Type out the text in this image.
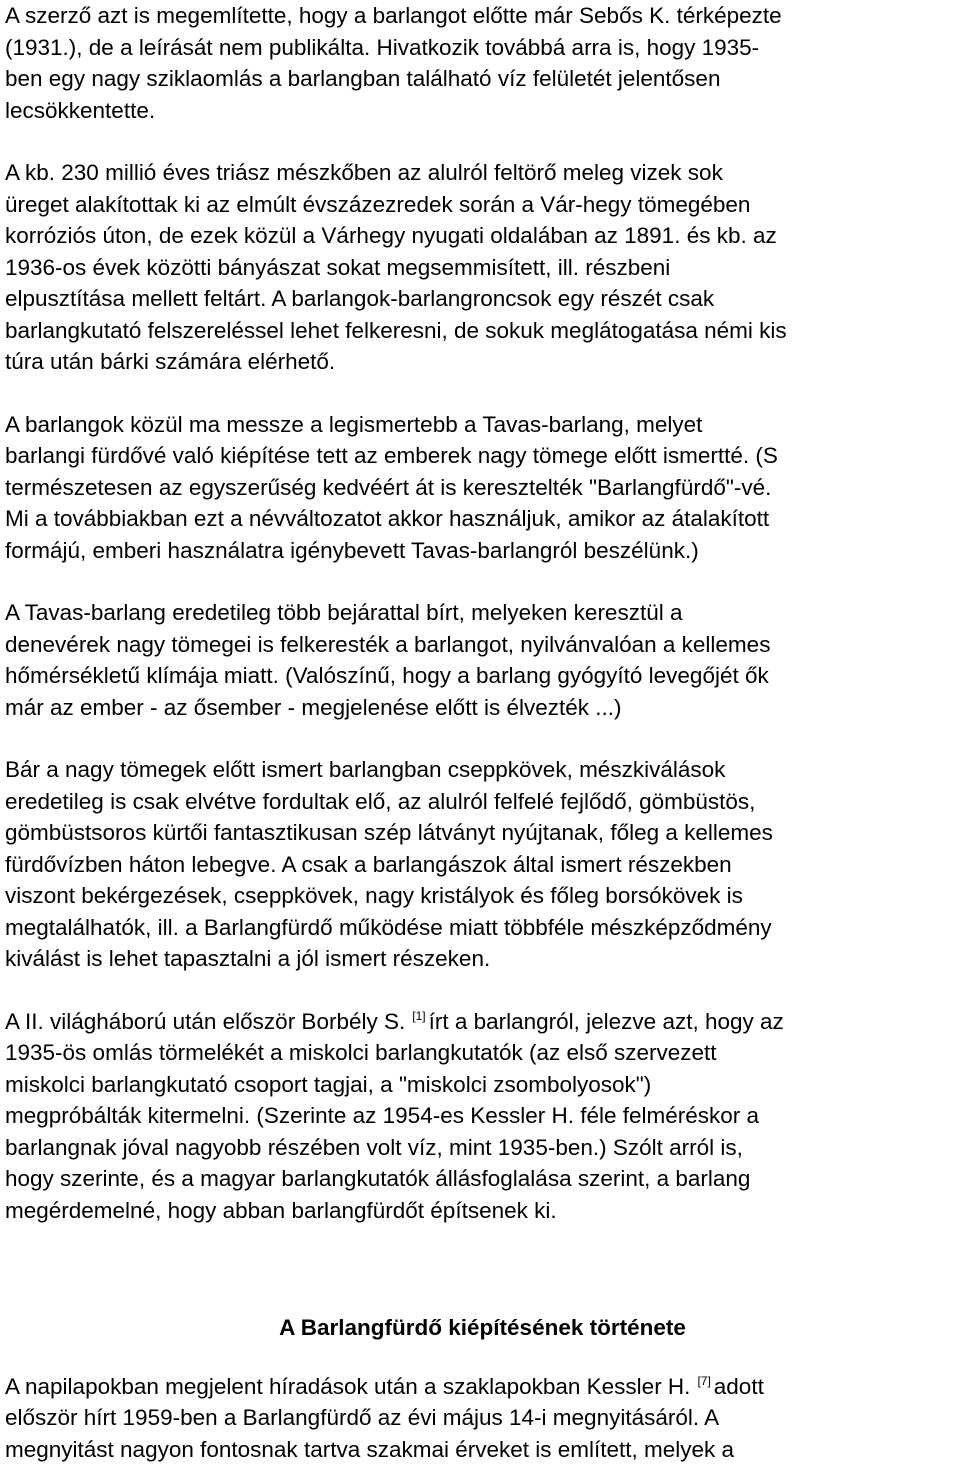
A szerző azt is megemlítette, hogy a barlangot előtte már Sebős K. térképezte
(1931.), de a leírását nem publikálta. Hivatkozik továbbá arra is, hogy 1935-
ben egy nagy sziklaomlás a barlangban található víz felületét jelentősen
lecsökkentette.
A kb. 230 millió éves triász mészkőben az alulról feltörő meleg vizek sok
üreget alakítottak ki az elmúlt évszázezredek során a Vár-hegy tömegében
korróziós úton, de ezek közül a Várhegy nyugati oldalában az 1891. és kb. az
1936-os évek közötti bányászat sokat megsemmisített, ill. részbeni
elpusztítása mellett feltárt. A barlangok-barlangroncsok egy részét csak
barlangkutató felszereléssel lehet felkeresni, de sokuk meglátogatása némi kis
túra után bárki számára elérhető.
A barlangok közül ma messze a legismertebb a Tavas-barlang, melyet
barlangi fürdővé való kiépítése tett az emberek nagy tömege előtt ismertté. (S
természetesen az egyszerűség kedvéért át is keresztelték "Barlangfürdő"-vé.
Mi a továbbiakban ezt a névváltozatot akkor használjuk, amikor az átalakított
formájú, emberi használatra igénybevett Tavas-barlangról beszélünk.)
A Tavas-barlang eredetileg több bejárattal bírt, melyeken keresztül a
denevérek nagy tömegei is felkeresték a barlangot, nyilvánvalóan a kellemes
hőmérsékletű klímája miatt. (Valószínű, hogy a barlang gyógyító levegőjét ők
már az ember - az ősember - megjelenése előtt is élvezték ...)
Bár a nagy tömegek előtt ismert barlangban cseppkövek, mészkiválások
eredetileg is csak elvétve fordultak elő, az alulról felfelé fejlődő, gömbüstös,
gömbüstsoros kürtői fantasztikusan szép látványt nyújtanak, főleg a kellemes
fürdővízben háton lebegve. A csak a barlangászok által ismert részekben
viszont bekérgezések, cseppkövek, nagy kristályok és főleg borsókövek is
megtalálhatók, ill. a Barlangfürdő működése miatt többféle mészképződmény
kiválást is lehet tapasztalni a jól ismert részeken.
A II. világháború után először Borbély S. [1] írt a barlangról, jelezve azt, hogy az
1935-ös omlás törmelékét a miskolci barlangkutatók (az első szervezett
miskolci barlangkutató csoport tagjai, a "miskolci zsombolyosok")
megpróbálták kitermelni. (Szerinte az 1954-es Kessler H. féle felméréskor a
barlangnak jóval nagyobb részében volt víz, mint 1935-ben.) Szólt arról is,
hogy szerinte, és a magyar barlangkutatók állásfoglalása szerint, a barlang
megérdemelné, hogy abban barlangfürdőt építsenek ki.
A Barlangfürdő kiépítésének története
A napilapokban megjelent híradások után a szaklapokban Kessler H. [7] adott
először hírt 1959-ben a Barlangfürdő az évi május 14-i megnyitásáról. A
megnyitást nagyon fontosnak tartva szakmai érveket is említett, melyek a
